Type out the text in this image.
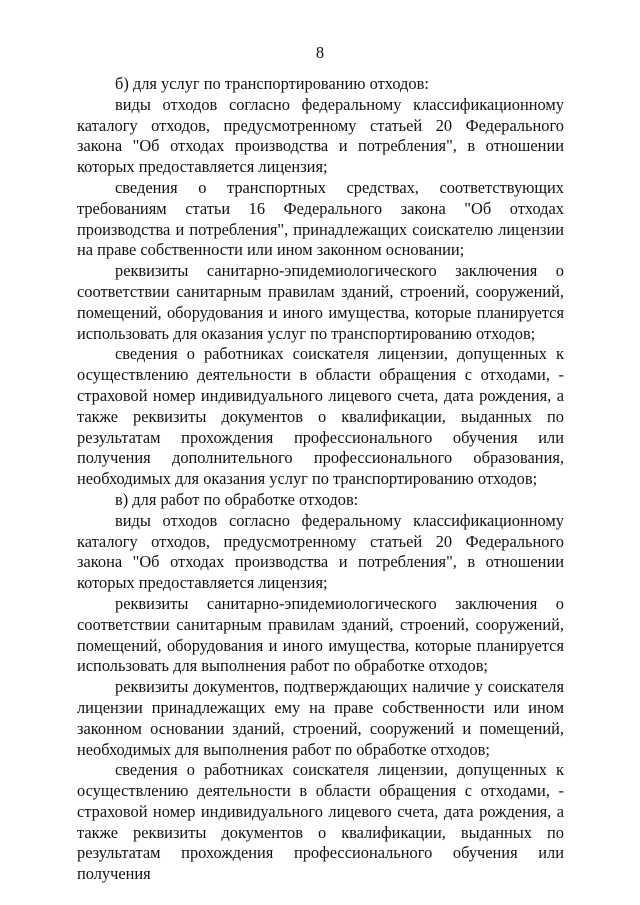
8

б) для услуг по транспортированию отходов:

виды отходов согласно федеральному классификационному каталогу отходов, предусмотренному статьей 20 Федерального закона "Об отходах производства и потребления", в отношении которых предоставляется лицензия;

сведения о транспортных средствах, соответствующих требованиям статьи 16 Федерального закона "Об отходах производства и потребления", принадлежащих соискателю лицензии на праве собственности или ином законном основании;

реквизиты санитарно-эпидемиологического заключения о соответствии санитарным правилам зданий, строений, сооружений, помещений, оборудования и иного имущества, которые планируется использовать для оказания услуг по транспортированию отходов;

сведения о работниках соискателя лицензии, допущенных к осуществлению деятельности в области обращения с отходами, - страховой номер индивидуального лицевого счета, дата рождения, а также реквизиты документов о квалификации, выданных по результатам прохождения профессионального обучения или получения дополнительного профессионального образования, необходимых для оказания услуг по транспортированию отходов;

в) для работ по обработке отходов:

виды отходов согласно федеральному классификационному каталогу отходов, предусмотренному статьей 20 Федерального закона "Об отходах производства и потребления", в отношении которых предоставляется лицензия;

реквизиты санитарно-эпидемиологического заключения о соответствии санитарным правилам зданий, строений, сооружений, помещений, оборудования и иного имущества, которые планируется использовать для выполнения работ по обработке отходов;

реквизиты документов, подтверждающих наличие у соискателя лицензии принадлежащих ему на праве собственности или ином законном основании зданий, строений, сооружений и помещений, необходимых для выполнения работ по обработке отходов;

сведения о работниках соискателя лицензии, допущенных к осуществлению деятельности в области обращения с отходами, - страховой номер индивидуального лицевого счета, дата рождения, а также реквизиты документов о квалификации, выданных по результатам прохождения профессионального обучения или получения
